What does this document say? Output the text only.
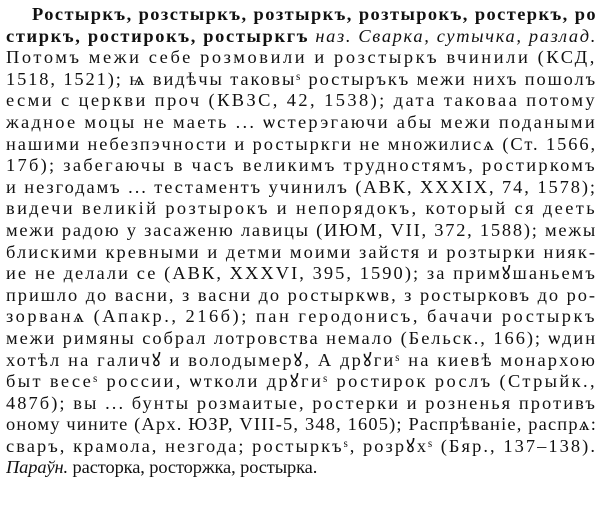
Ростыркъ, розстыркъ, розтыркъ, розтырокъ, ростеркъ, ро
стиркъ, ростирокъ, ростыркгъ наз. Сварка, сутычка, разлад.
Потомъ межи себе розмовили и розстыркъ вчинили (КСД,
1518, 1521); ѩ видѣчы таковыˢ ростыръкъ межи нихъ пошолъ
есми с церкви проч (КВЗС, 42, 1538); дата таковаа потому
жадное моцы не маеть ... ѡстерэгаючи абы межи подаными
нашими небезпэчности и ростыркги не множилисѧ (Ст. 1566,
17б); забегаючы в часъ великимъ трудностямъ, ростиркомъ
и незгодамъ ... тестаментъ учинилъ (АВК, XXXIX, 74, 1578);
видечи великій розтырокъ и непорядокъ, который ся дееть
межи радою у засаженю лавицы (ИЮМ, VII, 372, 1588); межы
блискими кревными и детми моими зайстя и розтырки нияк-
ие не делали се (АВК, XXXVI, 395, 1590); за примꙋшаньемъ
пришло до васни, з васни до ростыркѡв, з ростырковъ до ро-
зорванѧ (Апакр., 216б); пан геродонисъ, бачачи ростыркъ
межи римяны собрал лотровства немало (Бельск., 166); ѡдин
хотѣл на галичꙋ и володымерꙋ, А дрꙋгиˢ на киевѣ монархою
быт весеˢ россии, ѡтколи дрꙋгиˢ ростирок рослъ (Стрыйк.,
487б); вы ... бунты розмаитые, ростерки и розненья противъ
оному чините (Арх. ЮЗР, VIII-5, 348, 1605); Распрѣваніе, распрѧ:
сваръ, крамола, незгода; ростыркъˢ, розрꙋхˢ (Бяр., 137–138).
Параўн. расторка, росторжка, ростырка.
